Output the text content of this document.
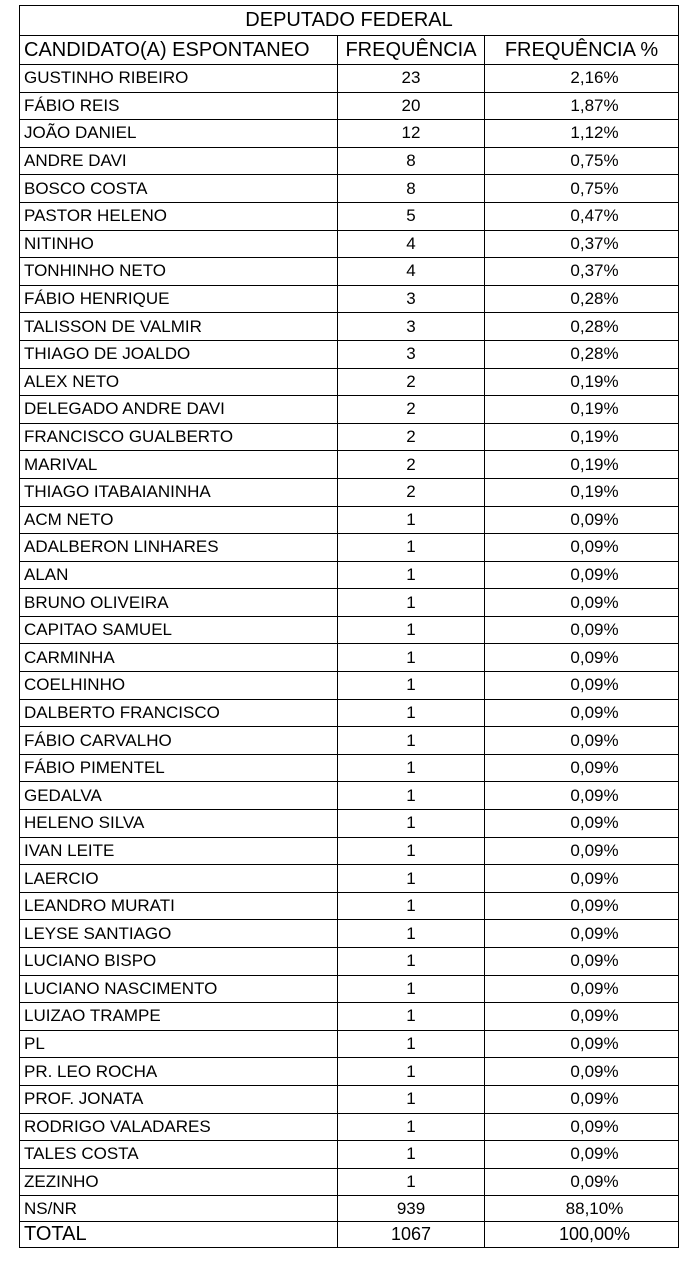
DEPUTADO FEDERAL		
CANDIDATO(A) ESPONTANEO	FREQUÊNCIA	FREQUÊNCIA %
GUSTINHO RIBEIRO	23	2,16%
FÁBIO REIS	20	1,87%
JOÃO DANIEL	12	1,12%
ANDRE DAVI	8	0,75%
BOSCO COSTA	8	0,75%
PASTOR HELENO	5	0,47%
NITINHO	4	0,37%
TONHINHO NETO	4	0,37%
FÁBIO HENRIQUE	3	0,28%
TALISSON DE VALMIR	3	0,28%
THIAGO DE JOALDO	3	0,28%
ALEX NETO	2	0,19%
DELEGADO ANDRE DAVI	2	0,19%
FRANCISCO GUALBERTO	2	0,19%
MARIVAL	2	0,19%
THIAGO ITABAIANINHA	2	0,19%
ACM NETO	1	0,09%
ADALBERON LINHARES	1	0,09%
ALAN	1	0,09%
BRUNO OLIVEIRA	1	0,09%
CAPITAO SAMUEL	1	0,09%
CARMINHA	1	0,09%
COELHINHO	1	0,09%
DALBERTO FRANCISCO	1	0,09%
FÁBIO CARVALHO	1	0,09%
FÁBIO PIMENTEL	1	0,09%
GEDALVA	1	0,09%
HELENO SILVA	1	0,09%
IVAN LEITE	1	0,09%
LAERCIO	1	0,09%
LEANDRO MURATI	1	0,09%
LEYSE SANTIAGO	1	0,09%
LUCIANO BISPO	1	0,09%
LUCIANO NASCIMENTO	1	0,09%
LUIZAO TRAMPE	1	0,09%
PL	1	0,09%
PR. LEO ROCHA	1	0,09%
PROF. JONATA	1	0,09%
RODRIGO VALADARES	1	0,09%
TALES COSTA	1	0,09%
ZEZINHO	1	0,09%
NS/NR	939	88,10%
TOTAL	1067	100,00%
